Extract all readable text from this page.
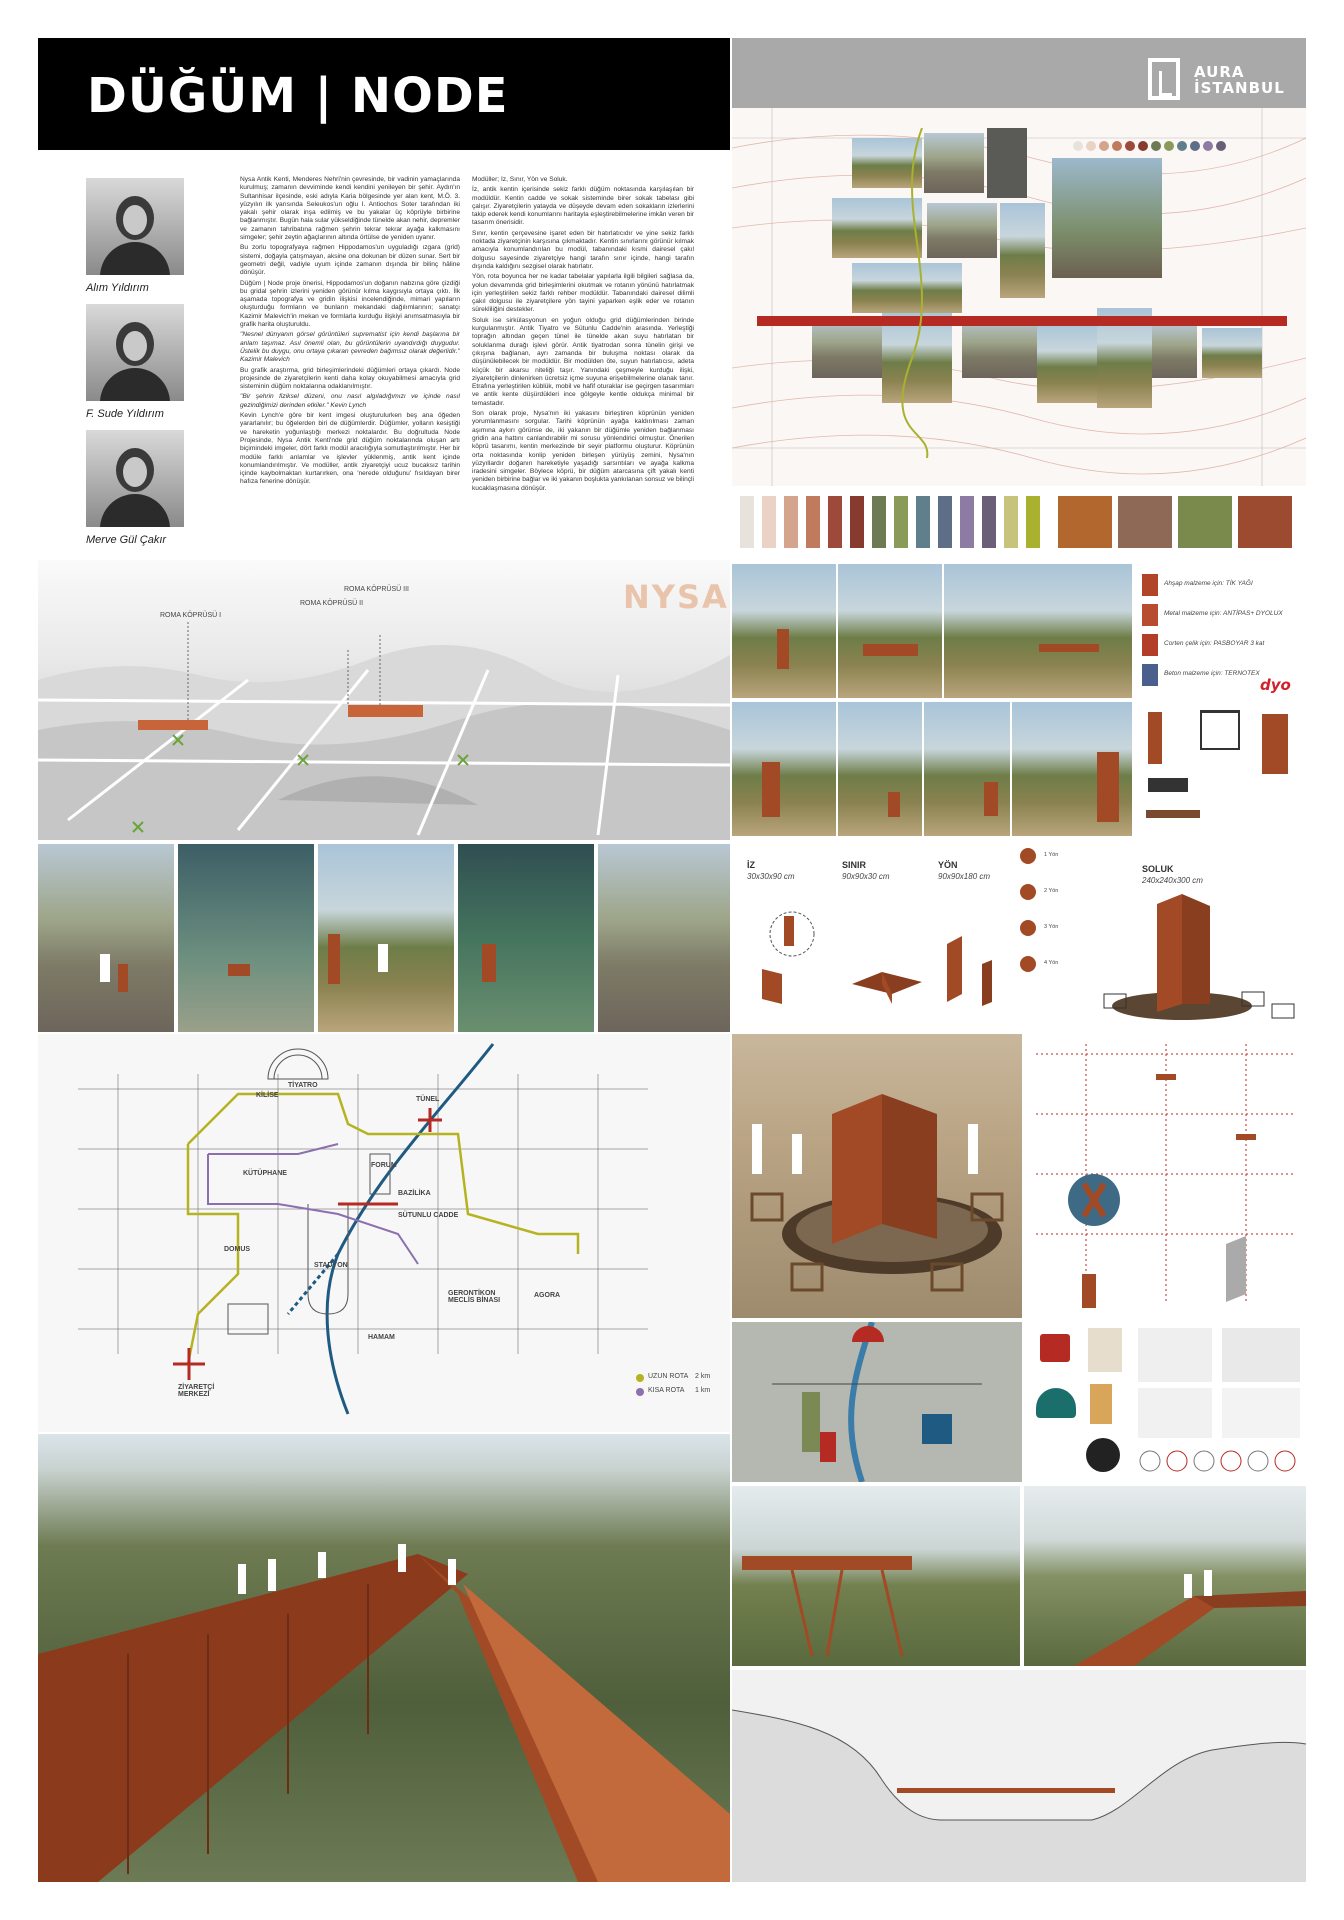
DÜĞÜM | NODE	AURA
İSTANBUL
Alım Yıldırım
F. Sude Yıldırım
Merve Gül Çakır

Nysa Antik Kenti, Menderes Nehri'nin çevresinde, bir vadinin yamaçlarında kurulmuş; zamanın devviminde kendi kendini yenileyen bir şehir. Aydın'ın Sultanhisar ilçesinde, eski adıyla Karia bölgesinde yer alan kent, M.Ö. 3. yüzyılın ilk yarısında Seleukos'un oğlu I. Antiochos Soter tarafından iki yakalı şehir olarak inşa edilmiş ve bu yakalar üç köprüyle birbirine bağlanmıştır. Bugün hala sular yükseldiğinde tünelde akan nehir, depremler ve zamanın tahribatına rağmen şehrin tekrar tekrar ayağa kalkmasını simgeler; şehir zeytin ağaçlarının altında örtülse de yeniden uyanır.

Bu zorlu topografyaya rağmen Hippodamos'un uyguladığı ızgara (grid) sistemi, doğayla çatışmayan, aksine ona dokunan bir düzen sunar. Sert bir geometri değil, vadiyle uyum içinde zamanın dışında bir bilinç hâline dönüşür.

Düğüm | Node proje önerisi, Hippodamos'un doğanın nabzına göre çizdiği bu gridal şehrin izlerini yeniden görünür kılma kaygısıyla ortaya çıktı. İlk aşamada topografya ve gridin ilişkisi incelendiğinde, mimari yapıların oluşturduğu formların ve bunların mekandaki dağılımlarının; sanatçı Kazimir Malevich'in mekan ve formlarla kurduğu ilişkiyi anımsatmasıyla bir grafik harita oluşturuldu.

"Nesnel dünyanın görsel görüntüleri suprematist için kendi başlarına bir anlam taşımaz. Asıl önemli olan, bu görüntülerin uyandırdığı duygudur. Üstelik bu duygu, onu ortaya çıkaran çevreden bağımsız olarak değerlidir." Kazimir Malevich

Bu grafik araştırma, grid birleşimlerindeki düğümleri ortaya çıkardı. Node projesinde de ziyaretçilerin kenti daha kolay okuyabilmesi amacıyla grid sisteminin düğüm noktalarına odaklanılmıştır.

"Bir şehrin fiziksel düzeni, onu nasıl algıladığımızı ve içinde nasıl gezindiğimizi derinden etkiler." Kevin Lynch

Kevin Lynch'e göre bir kent imgesi oluşturulurken beş ana öğeden yararlanılır; bu öğelerden biri de düğümlerdir. Düğümler, yolların kesiştiği ve hareketin yoğunlaştığı merkezi noktalardır. Bu doğrultuda Node Projesinde, Nysa Antik Kenti'nde grid düğüm noktalarında oluşan artı biçimindeki imgeler, dört farklı modül aracılığıyla somutlaştırılmıştır. Her bir modüle farklı anlamlar ve işlevler yüklenmiş, antik kent içinde konumlandırılmıştır. Ve modüller, antik ziyaretçiyi ucuz bucaksız tarihin içinde kaybolmaktan kurtarırken, ona 'nerede olduğunu' fısıldayan birer hafıza fenerine dönüşür.

Modüller; İz, Sınır, Yön ve Soluk.

İz, antik kentin içerisinde sekiz farklı düğüm noktasında karşılaşılan bir modüldür. Kentin cadde ve sokak sisteminde birer sokak tabelası gibi çalışır. Ziyaretçilerin yatayda ve düşeyde devam eden sokakların izlerlerini takip ederek kendi konumlarını haritayla eşleştirebilmelerine imkân veren bir tasarım önerisidir.

Sınır, kentin çerçevesine işaret eden bir hatırlatıcıdır ve yine sekiz farklı noktada ziyaretçinin karşısına çıkmaktadır. Kentin sınırlarını görünür kılmak amacıyla konumlandırılan bu modül, tabanındaki kısmi dairesel çakıl dolgusu sayesinde ziyaretçiye hangi tarafın sınır içinde, hangi tarafın dışında kaldığını sezgisel olarak hatırlatır.

Yön, rota boyunca her ne kadar tabelalar yapılarla ilgili bilgileri sağlasa da, yolun devamında grid birleşimlerini okutmak ve rotanın yönünü hatırlatmak için yerleştirilen sekiz farklı rehber modüldür. Tabanındaki dairesel dilimli çakıl dolgusu ile ziyaretçilere yön tayini yaparken eşlik eder ve rotanın sürekliliğini destekler.

Soluk ise sirkülasyonun en yoğun olduğu grid düğümlerinden birinde kurgulanmıştır. Antik Tiyatro ve Sütunlu Cadde'nin arasında. Yerleştiği toprağın altından geçen tünel ile tünelde akan suyu hatırlatan bir soluklanma durağı işlevi görür. Antik tiyatrodan sonra tünelin girişi ve çıkışına bağlanan, ayrı zamanda bir buluşma noktası olarak da düşünülebilecek bir modüldür. Bir modülden öte, suyun hatırlatıcısı, adeta küçük bir akarsu niteliği taşır. Yanındaki çeşmeyle kurduğu ilişki, ziyaretçilerin dinlenirken ücretsiz içme suyuna erişebilmelerine olanak tanır. Etrafına yerleştirilen küblük, mobil ve hafif oturaklar ise geçirgen tasarımları ve antik kente düşürdükleri ince gölgeyle kentle oldukça minimal bir temastadır.

Son olarak proje, Nysa'nın iki yakasını birleştiren köprünün yeniden yorumlanmasını sorgular. Tarihi köprünün ayağa kaldırılması zaman aşımına aykırı görünse de, iki yakanın bir düğümle yeniden bağlanması gridin ana hattını canlandırabilir mi sorusu yönlendirici olmuştur. Önerilen köprü tasarımı, kentin merkezinde bir seyir platformu oluşturur. Köprünün orta noktasında konlip yeniden birleşen yürüyüş zemini, Nysa'nın yüzyıllardır doğanın hareketiyle yaşadığı sarsıntıları ve ayağa kalkma iradesini simgeler. Böylece köprü, bir düğüm atarcasına çift yakalı kenti yeniden birbirine bağlar ve iki yakanın boşlukta yankılanan sonsuz ve bilinçli kucaklaşmasına dönüşür.

NYSA
ROMA KÖPRÜSÜ I
ROMA KÖPRÜSÜ II
ROMA KÖPRÜSÜ III
Ahşap malzeme için: TİK YAĞI
Metal malzeme için: ANTİPAS+ DYOLUX
Corten çelik için: PASBOYAR 3 kat
Beton malzeme için: TERNOTEX
dyo
İZ
30x30x90 cm
SINIR
90x90x30 cm
YÖN
90x90x180 cm
SOLUK
240x240x300 cm
1 Yön
2 Yön
3 Yön
4 Yön
TİYATRO
KİLİSE
TÜNEL
KÜTÜPHANE
FORUM
BAZİLİKA
SÜTUNLU CADDE
DOMUS
STADYON
GERONTİKON MECLİS BİNASI
AGORA
HAMAM
ZİYARETÇİ MERKEZİ
UZUN ROTA 2 km
KISA ROTA 1 km
